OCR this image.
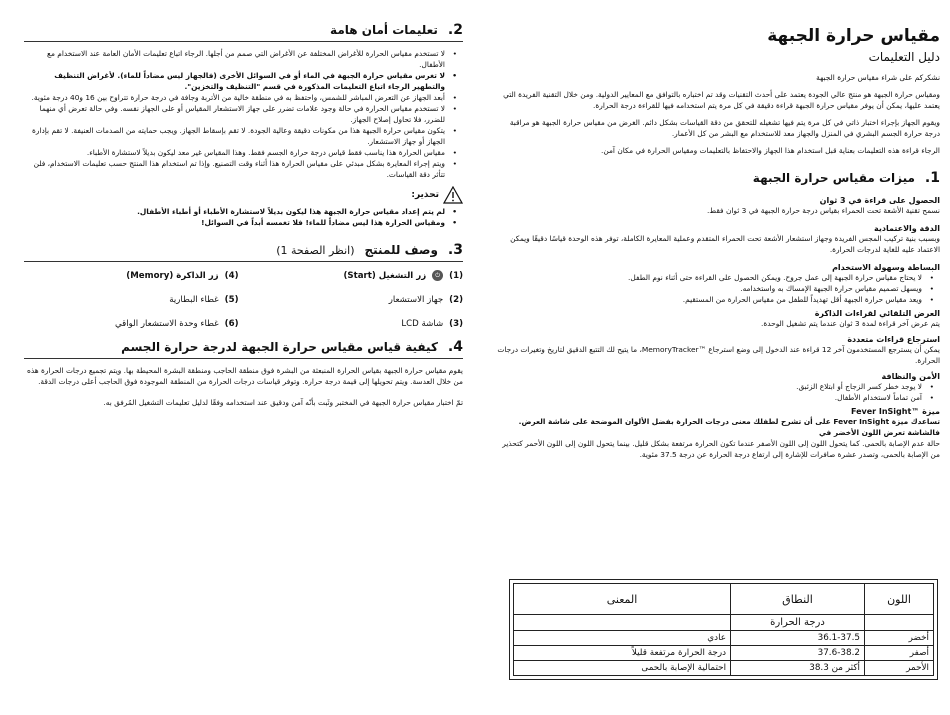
2.
تعليمات أمان هامة
• لا تستخدم مقياس الحرارة للأغراض المختلفة عن الأغراض التي صمم من أجلها. الرجاء اتباع تعليمات الأمان العامة عند الاستخدام مع الأطفال.
• لا تغرس مقياس حرارة الجبهة في الماء أو في السوائل الأخرى (فالجهاز ليس مضاداً للماء). لأغراض التنظيف والتطهير الرجاء اتباع التعليمات المذكورة في قسم "التنظيف والتخزين".
• أبعد الجهاز عن التعرض المباشر للشمس، واحتفظ به في منطقة خالية من الأتربة وجافة في درجة حرارة تتراوح بين 16 و40 درجة مئوية.
• لا تستخدم مقياس الحرارة في حالة وجود علامات تضرر على جهاز الاستشعار المقياس أو على الجهاز نفسه. وفي حالة تعرض أي منهما للضرر، فلا تحاول إصلاح الجهاز.
• يتكون مقياس حرارة الجبهة هذا من مكونات دقيقة وعالية الجودة. لا تقم بإسقاط الجهاز. ويجب حمايته من الصدمات العنيفة. لا تقم بإدارة الجهاز أو جهاز الاستشعار.
• مقياس الحرارة هذا يناسب فقط قياس درجة حرارة الجسم فقط. وهذا المقياس غير معد ليكون بديلاً لاستشارة الأطباء.
• ويتم إجراء المعايرة بشكل مبدئي على مقياس الحرارة هذا أثناء وقت التصنيع. وإذا تم استخدام هذا المنتج حسب تعليمات الاستخدام، فلن تتأثر دقة القياسات.
تحذير:
• لم يتم إعداد مقياس حرارة الجبهة هذا ليكون بديلاً لاستشارة الأطباء أو أطباء الأطفال.
• ومقياس الحرارة هذا ليس مضاداً للماء! فلا تغمسه أبداً في السوائل!
3.
وصف للمنتج
(انظر الصفحة 1)
(1)
⏻
زر التشغيل (Start)
(4)
زر الذاكرة (Memory)
(2)
جهاز الاستشعار
(5)
غطاء البطارية
(3)
شاشة LCD
(6)
غطاء وحدة الاستشعار الواقي
4.
كيفية قياس مقياس حرارة الجبهة لدرجة حرارة الجسم

يقوم مقياس حرارة الجبهة بقياس الحرارة المنبعثة من البشرة فوق منطقة الحاجب ومنطقة البشرة المحيطة بها. ويتم تجميع درجات الحرارة هذه من خلال العدسة. ويتم تحويلها إلى قيمة درجة حرارة. وتوفر قياسات درجات الحرارة من المنطقة الموجودة فوق الحاجب أعلى درجات الدقة.

تمّ اختبار مقياس حرارة الجبهة في المختبر وثَبت بأنّه آمن ودقيق عند استخدامه وفقًا لدليل تعليمات التشغيل المُرفق به.

مقياس حرارة الجبهة
دليل التعليمات

نشكركم على شراء مقياس حرارة الجبهة

ومقياس حرارة الجبهة هو منتج عالي الجودة يعتمد على أحدث التقنيات وقد تم اختباره بالتوافق مع المعايير الدولية. ومن خلال التقنية الفريدة التي يعتمد عليها، يمكن أن يوفر مقياس حرارة الجبهة قراءة دقيقة في كل مرة يتم استخدامه فيها للقراءة درجة الحرارة.

ويقوم الجهاز بإجراء اختبار ذاتي في كل مرة يتم فيها تشغيله للتحقق من دقة القياسات بشكل دائم. الغرض من مقياس حرارة الجبهة هو مراقبة درجة حرارة الجسم البشري في المنزل والجهاز معد للاستخدام مع البشر من كل الأعمار.

الرجاء قراءة هذه التعليمات بعناية قبل استخدام هذا الجهاز والاحتفاظ بالتعليمات ومقياس الحرارة في مكان آمن.

1.
ميزات مقياس حرارة الجبهة
الحصول على قراءة في 3 ثوان

نسمح تقنية الأشعة تحت الحمراء بقياس درجة حرارة الجبهة في 3 ثوان فقط.

الدقة والاعتمادية

وبسبب بنية تركيب المجس الفريدة وجهاز استشعار الأشعة تحت الحمراء المتقدم وعملية المعايرة الكاملة، توفر هذه الوحدة قياسًا دقيقًا ويمكن الاعتماد عليه للغاية لدرجات الحرارة.

البساطة وسهولة الاستخدام
• لا يحتاج مقياس حرارة الجبهة إلى عمل جروح. ويمكن الحصول على القراءة حتى أثناء نوم الطفل.
• ويسهل تصميم مقياس حرارة الجبهة الإمساك به واستخدامه.
• ويعد مقياس حرارة الجبهة أقل تهديداً للطفل من مقياس الحرارة من المستقيم.
العرض التلقائي لقراءات الذاكرة

يتم عرض آخر قراءة لمدة 3 ثوان عندما يتم تشغيل الوحدة.

استرجاع قراءات متعددة

يمكن أن يسترجع المستخدمون آخر 12 قراءة عند الدخول إلى وضع استرجاع ™MemoryTracker، ما يتيح لك التتبع الدقيق لتاريخ وتغيرات درجات الحرارة.

الأمن والنظافة
• لا يوجد خطر كسر الزجاج أو ابتلاع الزئبق.
• آمن تماماً لاستخدام الأطفال.
ميزة ™Fever InSight

تساعدك ميزة Fever InSight على أن تشرح لطفلك معنى درجات الحرارة بفضل الألوان الموضحة على شاشة العرض.

فالشاشة تعرض اللون الأخضر في

حالة عدم الإصابة بالحمى. كما يتحول اللون إلى اللون الأصفر عندما تكون الحرارة مرتفعة بشكل قليل. بينما يتحول اللون إلى اللون الأحمر كتحذير من الإصابة بالحمى، وتصدر عشرة صافرات للإشارة إلى ارتفاع درجة الحرارة عن درجة 37.5 مئوية.

اللون	النطاق	المعنى
	درجة الحرارة	
أخضر	36.1-37.5	عادي
أصفر	37.6-38.2	درجة الحرارة مرتفعة قليلاً
الأحمر	أكثر من 38.3	احتمالية الإصابة بالحمى
